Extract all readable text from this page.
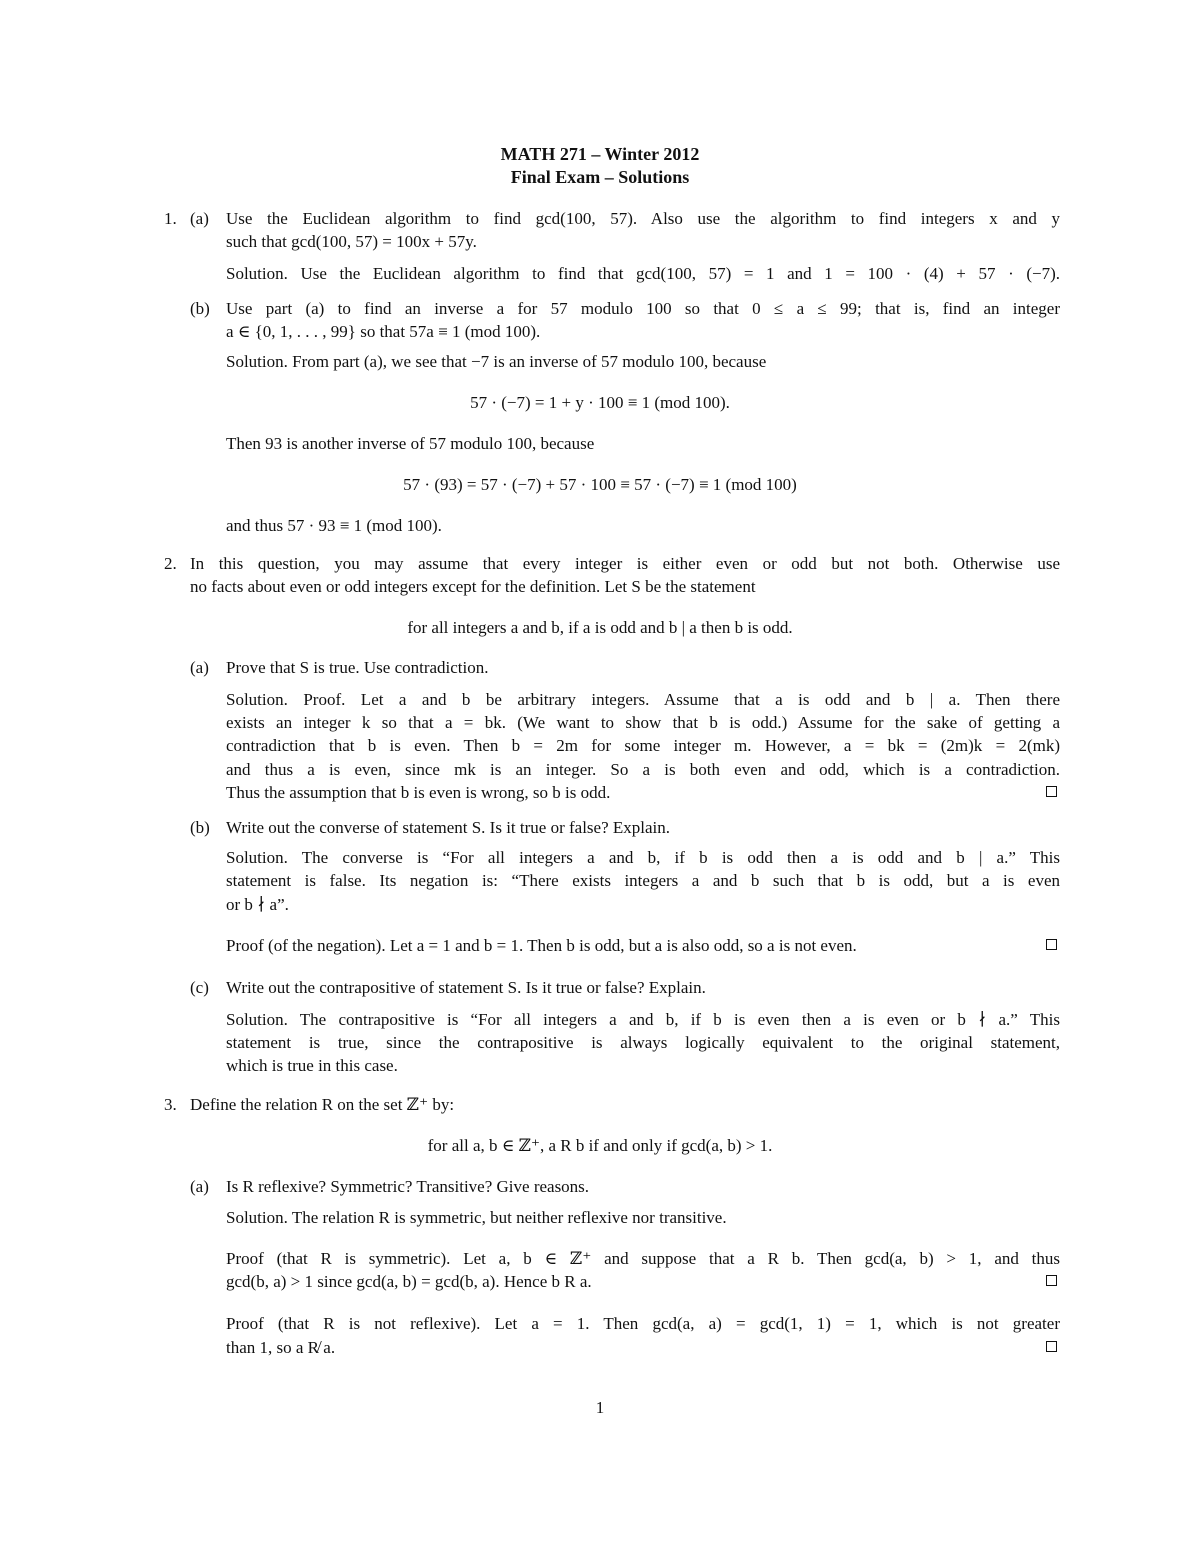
MATH 271 – Winter 2012
Final Exam – Solutions
1. (a) Use the Euclidean algorithm to find gcd(100, 57). Also use the algorithm to find integers x and y
such that gcd(100, 57) = 100x + 57y.
Solution. Use the Euclidean algorithm to find that gcd(100, 57) = 1 and 1 = 100 · (4) + 57 · (−7).
(b) Use part (a) to find an inverse a for 57 modulo 100 so that 0 ≤ a ≤ 99; that is, find an integer
a ∈ {0, 1, . . . , 99} so that 57a ≡ 1 (mod 100).
Solution. From part (a), we see that −7 is an inverse of 57 modulo 100, because
57 · (−7) = 1 + y · 100 ≡ 1 (mod 100).
Then 93 is another inverse of 57 modulo 100, because
57 · (93) = 57 · (−7) + 57 · 100 ≡ 57 · (−7) ≡ 1 (mod 100)
and thus 57 · 93 ≡ 1 (mod 100).
2. In this question, you may assume that every integer is either even or odd but not both. Otherwise use
no facts about even or odd integers except for the definition. Let S be the statement
for all integers a and b, if a is odd and b | a then b is odd.
(a) Prove that S is true. Use contradiction.
Solution. Proof. Let a and b be arbitrary integers. Assume that a is odd and b | a. Then there
exists an integer k so that a = bk. (We want to show that b is odd.) Assume for the sake of getting a
contradiction that b is even. Then b = 2m for some integer m. However, a = bk = (2m)k = 2(mk)
and thus a is even, since mk is an integer. So a is both even and odd, which is a contradiction.
Thus the assumption that b is even is wrong, so b is odd.
(b) Write out the converse of statement S. Is it true or false? Explain.
Solution. The converse is “For all integers a and b, if b is odd then a is odd and b | a.” This
statement is false. Its negation is: “There exists integers a and b such that b is odd, but a is even
or b ∤ a”.
Proof (of the negation). Let a = 1 and b = 1. Then b is odd, but a is also odd, so a is not even.
(c) Write out the contrapositive of statement S. Is it true or false? Explain.
Solution. The contrapositive is “For all integers a and b, if b is even then a is even or b ∤ a.” This
statement is true, since the contrapositive is always logically equivalent to the original statement,
which is true in this case.
3. Define the relation R on the set ℤ⁺ by:
for all a, b ∈ ℤ⁺, a R b if and only if gcd(a, b) > 1.
(a) Is R reflexive? Symmetric? Transitive? Give reasons.
Solution. The relation R is symmetric, but neither reflexive nor transitive.
Proof (that R is symmetric). Let a, b ∈ ℤ⁺ and suppose that a R b. Then gcd(a, b) > 1, and thus
gcd(b, a) > 1 since gcd(a, b) = gcd(b, a). Hence b R a.
Proof (that R is not reflexive). Let a = 1. Then gcd(a, a) = gcd(1, 1) = 1, which is not greater
than 1, so a R̸ a.
1
